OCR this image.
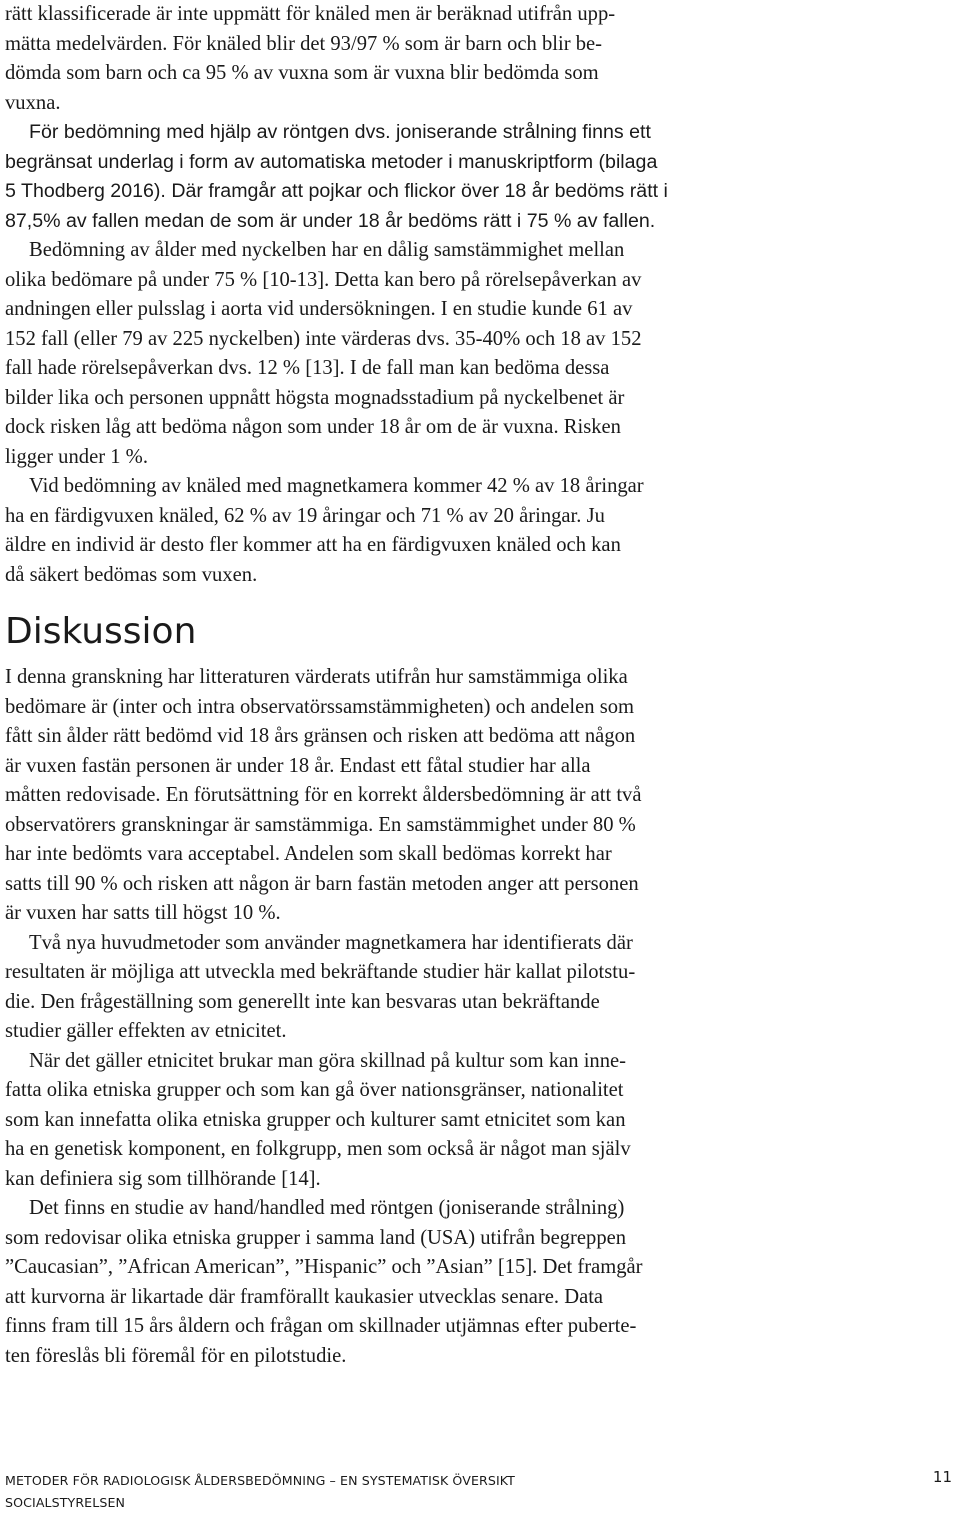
rätt klassificerade är inte uppmätt för knäled men är beräknad utifrån upp-
mätta medelvärden. För knäled blir det 93/97 % som är barn och blir be-
dömda som barn och ca 95 % av vuxna som är vuxna blir bedömda som
vuxna.

För bedömning med hjälp av röntgen dvs. joniserande strålning finns ett
begränsat underlag i form av automatiska metoder i manuskriptform (bilaga
5 Thodberg 2016). Där framgår att pojkar och flickor över 18 år bedöms rätt i
87,5% av fallen medan de som är under 18 år bedöms rätt i 75 % av fallen.

Bedömning av ålder med nyckelben har en dålig samstämmighet mellan
olika bedömare på under 75 % [10-13]. Detta kan bero på rörelsepåverkan av
andningen eller pulsslag i aorta vid undersökningen. I en studie kunde 61 av
152 fall (eller 79 av 225 nyckelben) inte värderas dvs. 35-40% och 18 av 152
fall hade rörelsepåverkan dvs. 12 % [13]. I de fall man kan bedöma dessa
bilder lika och personen uppnått högsta mognadsstadium på nyckelbenet är
dock risken låg att bedöma någon som under 18 år om de är vuxna. Risken
ligger under 1 %.

Vid bedömning av knäled med magnetkamera kommer 42 % av 18 åringar
ha en färdigvuxen knäled, 62 % av 19 åringar och 71 % av 20 åringar. Ju
äldre en individ är desto fler kommer att ha en färdigvuxen knäled och kan
då säkert bedömas som vuxen.

Diskussion

I denna granskning har litteraturen värderats utifrån hur samstämmiga olika
bedömare är (inter och intra observatörssamstämmigheten) och andelen som
fått sin ålder rätt bedömd vid 18 års gränsen och risken att bedöma att någon
är vuxen fastän personen är under 18 år. Endast ett fåtal studier har alla
måtten redovisade. En förutsättning för en korrekt åldersbedömning är att två
observatörers granskningar är samstämmiga. En samstämmighet under 80 %
har inte bedömts vara acceptabel. Andelen som skall bedömas korrekt har
satts till 90 % och risken att någon är barn fastän metoden anger att personen
är vuxen har satts till högst 10 %.

Två nya huvudmetoder som använder magnetkamera har identifierats där
resultaten är möjliga att utveckla med bekräftande studier här kallat pilotstu-
die. Den frågeställning som generellt inte kan besvaras utan bekräftande
studier gäller effekten av etnicitet.

När det gäller etnicitet brukar man göra skillnad på kultur som kan inne-
fatta olika etniska grupper och som kan gå över nationsgränser, nationalitet
som kan innefatta olika etniska grupper och kulturer samt etnicitet som kan
ha en genetisk komponent, en folkgrupp, men som också är något man själv
kan definiera sig som tillhörande [14].

Det finns en studie av hand/handled med röntgen (joniserande strålning)
som redovisar olika etniska grupper i samma land (USA) utifrån begreppen
”Caucasian”, ”African American”, ”Hispanic” och ”Asian” [15]. Det framgår
att kurvorna är likartade där framförallt kaukasier utvecklas senare. Data
finns fram till 15 års åldern och frågan om skillnader utjämnas efter puberte-
ten föreslås bli föremål för en pilotstudie.

METODER FÖR RADIOLOGISK ÅLDERSBEDÖMNING – EN SYSTEMATISK ÖVERSIKT
SOCIALSTYRELSEN
11
